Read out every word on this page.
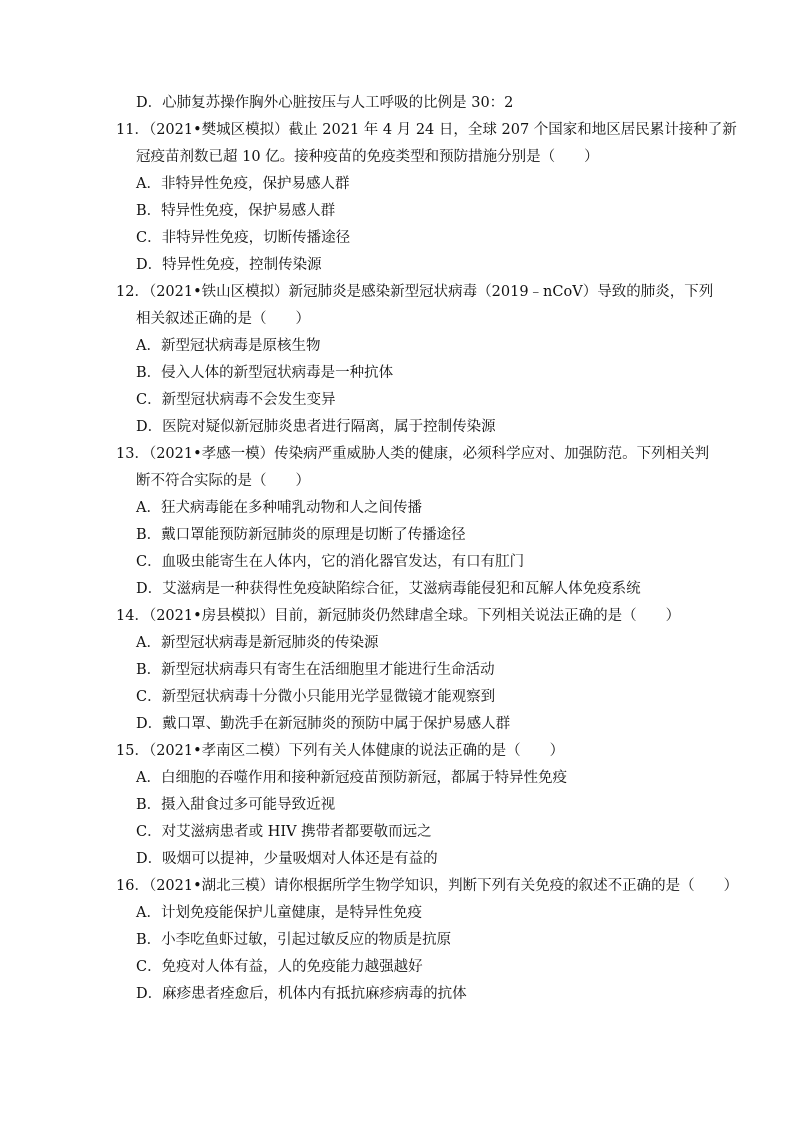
D．心肺复苏操作胸外心脏按压与人工呼吸的比例是 30：2
11．（2021•樊城区模拟）截止 2021 年 4 月 24 日，全球 207 个国家和地区居民累计接种了新
冠疫苗剂数已超 10 亿。接种疫苗的免疫类型和预防措施分别是（　　）
A．非特异性免疫，保护易感人群
B．特异性免疫，保护易感人群
C．非特异性免疫，切断传播途径
D．特异性免疫，控制传染源
12．（2021•铁山区模拟）新冠肺炎是感染新型冠状病毒（2019﹣nCoV）导致的肺炎，下列
相关叙述正确的是（　　）
A．新型冠状病毒是原核生物
B．侵入人体的新型冠状病毒是一种抗体
C．新型冠状病毒不会发生变异
D．医院对疑似新冠肺炎患者进行隔离，属于控制传染源
13．（2021•孝感一模）传染病严重威胁人类的健康，必须科学应对、加强防范。下列相关判
断不符合实际的是（　　）
A．狂犬病毒能在多种哺乳动物和人之间传播
B．戴口罩能预防新冠肺炎的原理是切断了传播途径
C．血吸虫能寄生在人体内，它的消化器官发达，有口有肛门
D．艾滋病是一种获得性免疫缺陷综合征，艾滋病毒能侵犯和瓦解人体免疫系统
14．（2021•房县模拟）目前，新冠肺炎仍然肆虐全球。下列相关说法正确的是（　　）
A．新型冠状病毒是新冠肺炎的传染源
B．新型冠状病毒只有寄生在活细胞里才能进行生命活动
C．新型冠状病毒十分微小只能用光学显微镜才能观察到
D．戴口罩、勤洗手在新冠肺炎的预防中属于保护易感人群
15．（2021•孝南区二模）下列有关人体健康的说法正确的是（　　）
A．白细胞的吞噬作用和接种新冠疫苗预防新冠，都属于特异性免疫
B．摄入甜食过多可能导致近视
C．对艾滋病患者或 HIV 携带者都要敬而远之
D．吸烟可以提神，少量吸烟对人体还是有益的
16．（2021•湖北三模）请你根据所学生物学知识，判断下列有关免疫的叙述不正确的是（　　）
A．计划免疫能保护儿童健康，是特异性免疫
B．小李吃鱼虾过敏，引起过敏反应的物质是抗原
C．免疫对人体有益，人的免疫能力越强越好
D．麻疹患者痊愈后，机体内有抵抗麻疹病毒的抗体
